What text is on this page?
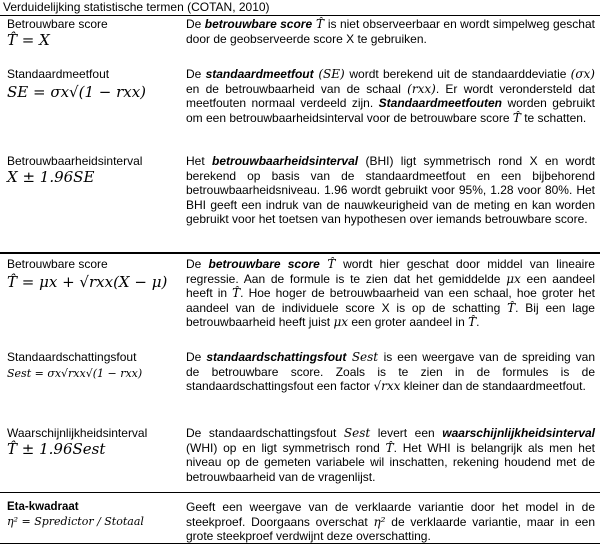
Verduidelijking statistische termen (COTAN, 2010)
Betrouwbare score
T̂ = X
De betrouwbare score T̂ is niet observeerbaar en wordt simpelweg geschat door de geobserveerde score X te gebruiken.
Standaardmeetfout
SE = σx√(1 − rxx)
De standaardmeetfout (SE) wordt berekend uit de standaarddeviatie (σx) en de betrouwbaarheid van de schaal (rxx). Er wordt verondersteld dat meetfouten normaal verdeeld zijn. Standaardmeetfouten worden gebruikt om een betrouwbaarheidsinterval voor de betrouwbare score T̂ te schatten.
Betrouwbaarheidsinterval
X ± 1.96SE
Het betrouwbaarheidsinterval (BHI) ligt symmetrisch rond X en wordt berekend op basis van de standaardmeetfout en een bijbehorend betrouwbaarheidsniveau. 1.96 wordt gebruikt voor 95%, 1.28 voor 80%. Het BHI geeft een indruk van de nauwkeurigheid van de meting en kan worden gebruikt voor het toetsen van hypothesen over iemands betrouwbare score.
Betrouwbare score
T̂ = μx + √rxx(X − μ)
De betrouwbare score T̂ wordt hier geschat door middel van lineaire regressie. Aan de formule is te zien dat het gemiddelde μx een aandeel heeft in T̂. Hoe hoger de betrouwbaarheid van een schaal, hoe groter het aandeel van de individuele score X is op de schatting T̂. Bij een lage betrouwbaarheid heeft juist μx een groter aandeel in T̂.
Standaardschattingsfout
Sest = σx√rxx√(1 − rxx)
De standaardschattingsfout Sest is een weergave van de spreiding van de betrouwbare score. Zoals is te zien in de formules is de standaardschattingsfout een factor √rxx kleiner dan de standaardmeetfout.
Waarschijnlijkheidsinterval
T̂ ± 1.96Sest
De standaardschattingsfout Sest levert een waarschijnlijkheidsinterval (WHI) op en ligt symmetrisch rond T̂. Het WHI is belangrijk als men het niveau op de gemeten variabele wil inschatten, rekening houdend met de betrouwbaarheid van de vragenlijst.
Eta-kwadraat
η² = Spredictor / Stotaal
Geeft een weergave van de verklaarde variantie door het model in de steekproef. Doorgaans overschat η² de verklaarde variantie, maar in een grote steekproef verdwijnt deze overschatting.
